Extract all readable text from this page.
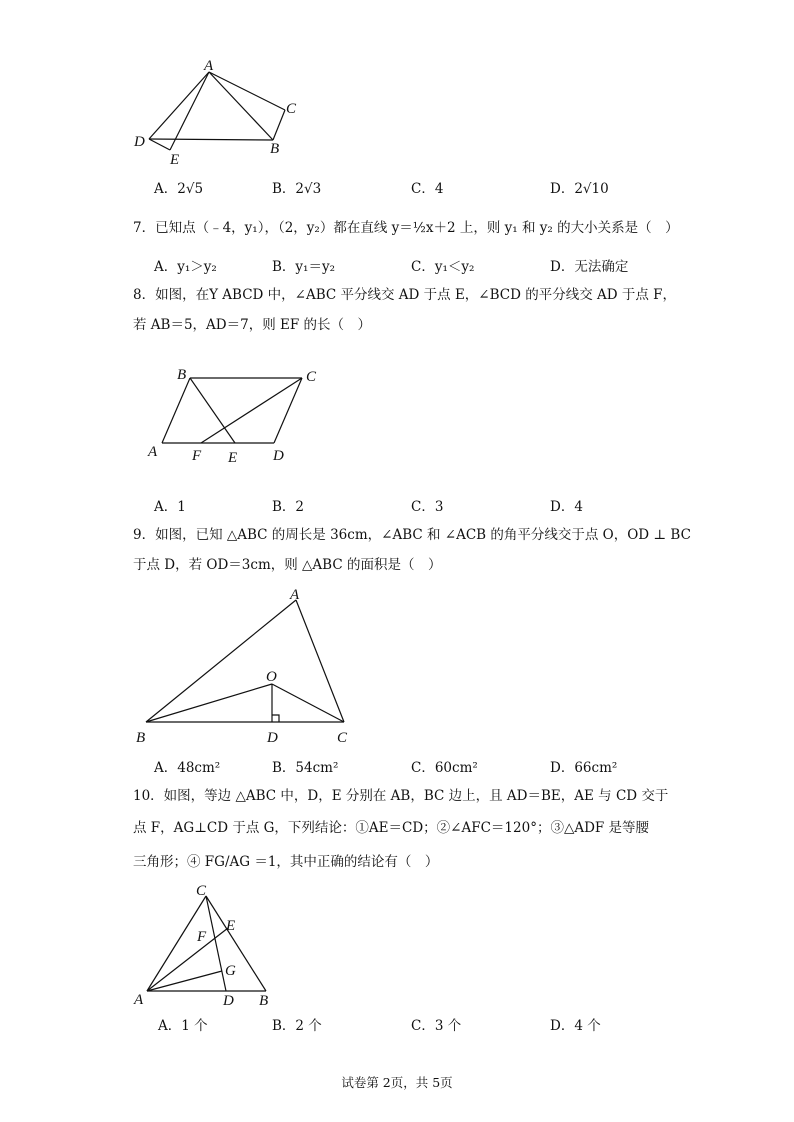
A
C
D
E
B
A．2√5	B．2√3	C．4	D．2√10
7．已知点（﹣4，y₁），（2，y₂）都在直线 y＝½x＋2 上，则 y₁ 和 y₂ 的大小关系是（　）
A．y₁＞y₂	B．y₁＝y₂	C．y₁＜y₂	D．无法确定
8．如图，在Y ABCD 中，∠ABC 平分线交 AD 于点 E，∠BCD 的平分线交 AD 于点 F，
若 AB＝5，AD＝7，则 EF 的长（　）
B	C
A F E D
A．1	B．2	C．3	D．4
9．如图，已知 △ABC 的周长是 36cm，∠ABC 和 ∠ACB 的角平分线交于点 O，OD ⊥ BC
于点 D，若 OD＝3cm，则 △ABC 的面积是（　）
A
O
B	D	C
A．48cm²	B．54cm²	C．60cm²	D．66cm²
10．如图，等边 △ABC 中，D，E 分别在 AB，BC 边上，且 AD＝BE，AE 与 CD 交于
点 F，AG⊥CD 于点 G，下列结论：①AE＝CD；②∠AFC＝120°；③△ADF 是等腰
三角形；④ FG/AG ＝1，其中正确的结论有（　）
C
E
F
G
A	D B
A．1 个	B．2 个	C．3 个	D．4 个
试卷第 2页，共 5页
